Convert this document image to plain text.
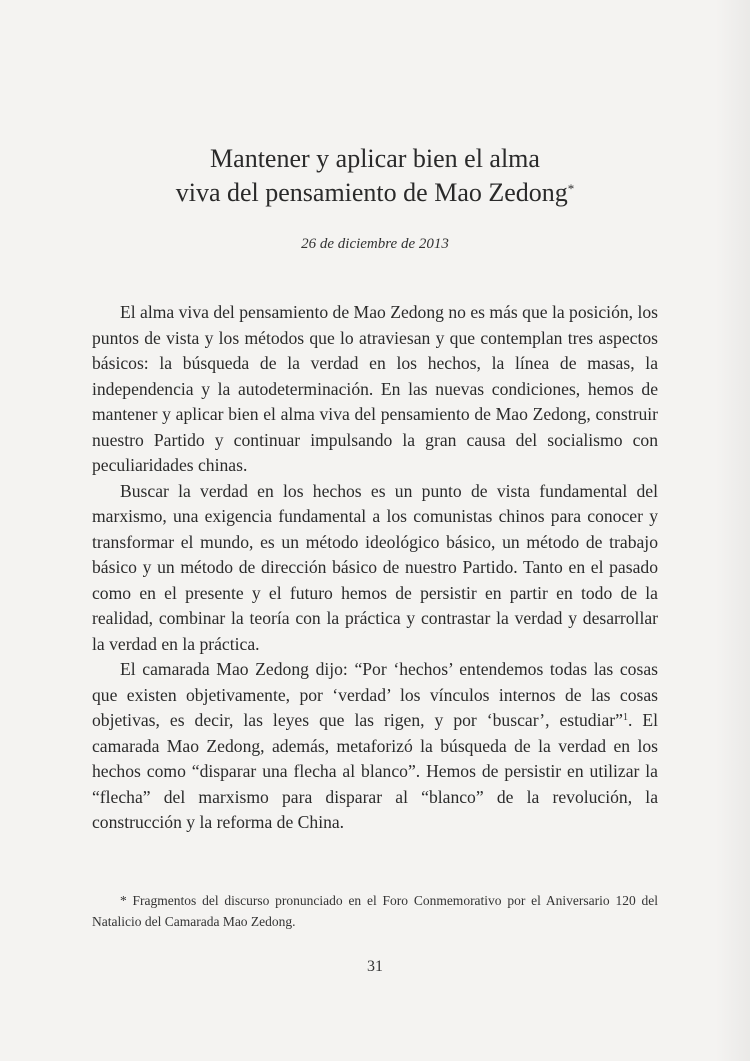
Mantener y aplicar bien el alma
viva del pensamiento de Mao Zedong*
26 de diciembre de 2013

El alma viva del pensamiento de Mao Zedong no es más que la posición, los puntos de vista y los métodos que lo atraviesan y que contemplan tres aspectos básicos: la búsqueda de la verdad en los hechos, la línea de masas, la independencia y la autodeterminación. En las nuevas condiciones, hemos de mantener y aplicar bien el alma viva del pensamiento de Mao Zedong, construir nuestro Partido y continuar impulsando la gran causa del socialismo con peculiaridades chinas.

Buscar la verdad en los hechos es un punto de vista fundamental del marxismo, una exigencia fundamental a los comunistas chinos para conocer y transformar el mundo, es un método ideológico básico, un método de trabajo básico y un método de dirección básico de nuestro Partido. Tanto en el pasado como en el presente y el futuro hemos de persistir en partir en todo de la realidad, combinar la teoría con la práctica y contrastar la verdad y desarrollar la verdad en la práctica.

El camarada Mao Zedong dijo: “Por ‘hechos’ entendemos todas las cosas que existen objetivamente, por ‘verdad’ los vínculos internos de las cosas objetivas, es decir, las leyes que las rigen, y por ‘buscar’, estudiar”$^1$. El camarada Mao Zedong, además, metaforizó la búsqueda de la verdad en los hechos como “disparar una flecha al blanco”. Hemos de persistir en utilizar la “flecha” del marxismo para disparar al “blanco” de la revolución, la construcción y la reforma de China.

* Fragmentos del discurso pronunciado en el Foro Conmemorativo por el Aniversario 120 del Natalicio del Camarada Mao Zedong.

31
